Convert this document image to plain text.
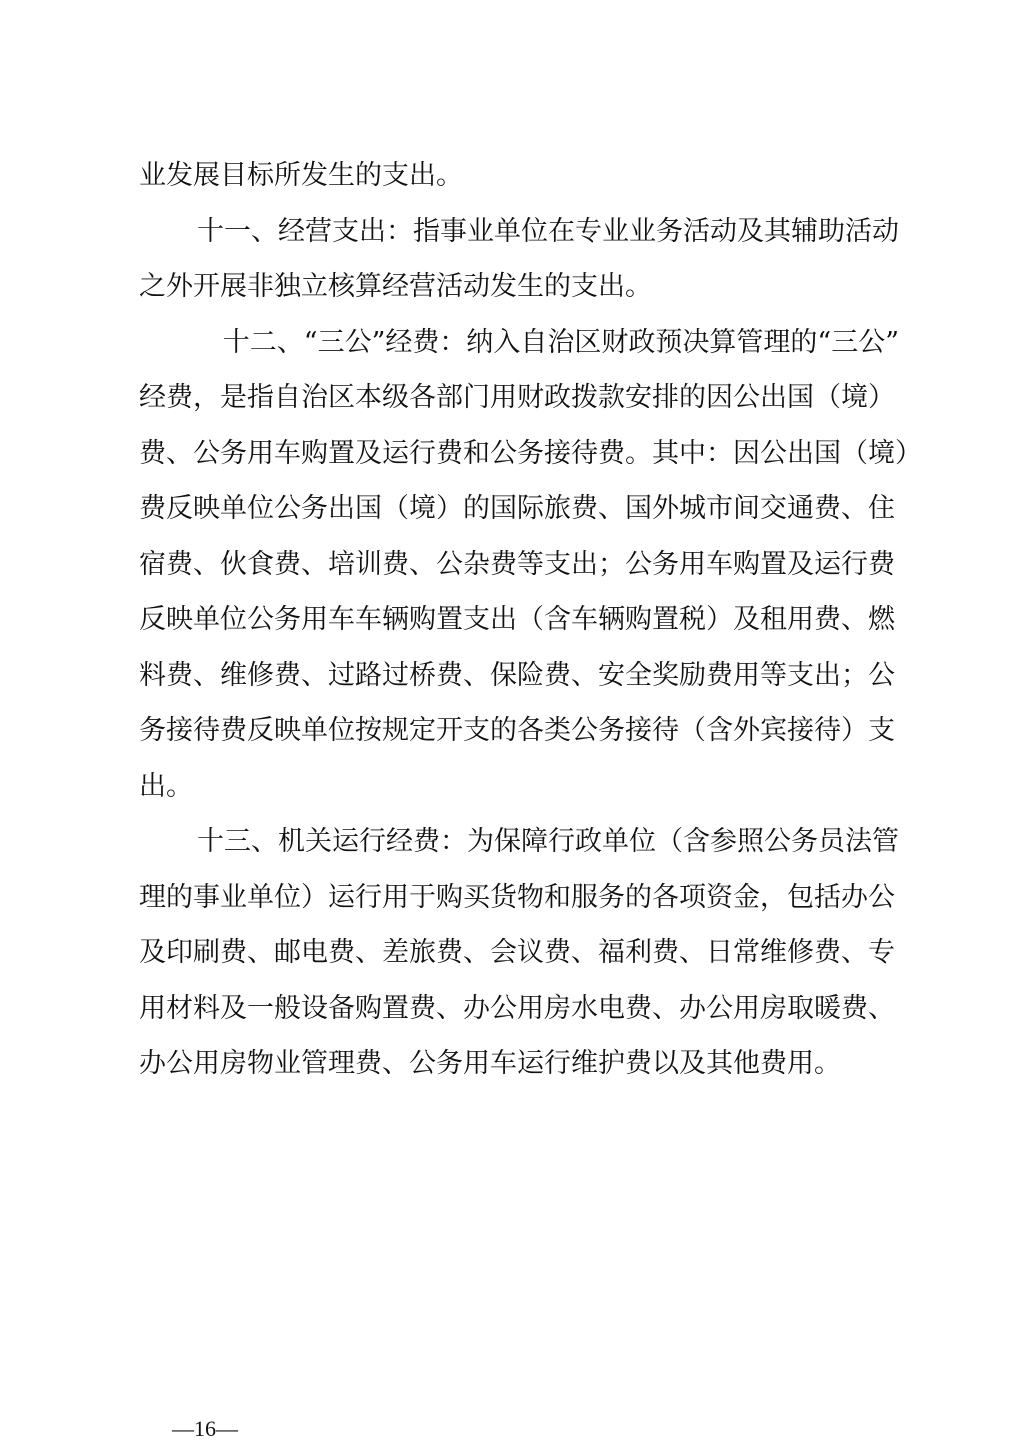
业发展目标所发生的支出。
十一、经营支出：指事业单位在专业业务活动及其辅助活动
之外开展非独立核算经营活动发生的支出。
十二、“三公”经费：纳入自治区财政预决算管理的“三公”
经费，是指自治区本级各部门用财政拨款安排的因公出国（境）
费、公务用车购置及运行费和公务接待费。其中：因公出国（境）
费反映单位公务出国（境）的国际旅费、国外城市间交通费、住
宿费、伙食费、培训费、公杂费等支出；公务用车购置及运行费
反映单位公务用车车辆购置支出（含车辆购置税）及租用费、燃
料费、维修费、过路过桥费、保险费、安全奖励费用等支出；公
务接待费反映单位按规定开支的各类公务接待（含外宾接待）支
出。
十三、机关运行经费：为保障行政单位（含参照公务员法管
理的事业单位）运行用于购买货物和服务的各项资金，包括办公
及印刷费、邮电费、差旅费、会议费、福利费、日常维修费、专
用材料及一般设备购置费、办公用房水电费、办公用房取暖费、
办公用房物业管理费、公务用车运行维护费以及其他费用。
—16—
